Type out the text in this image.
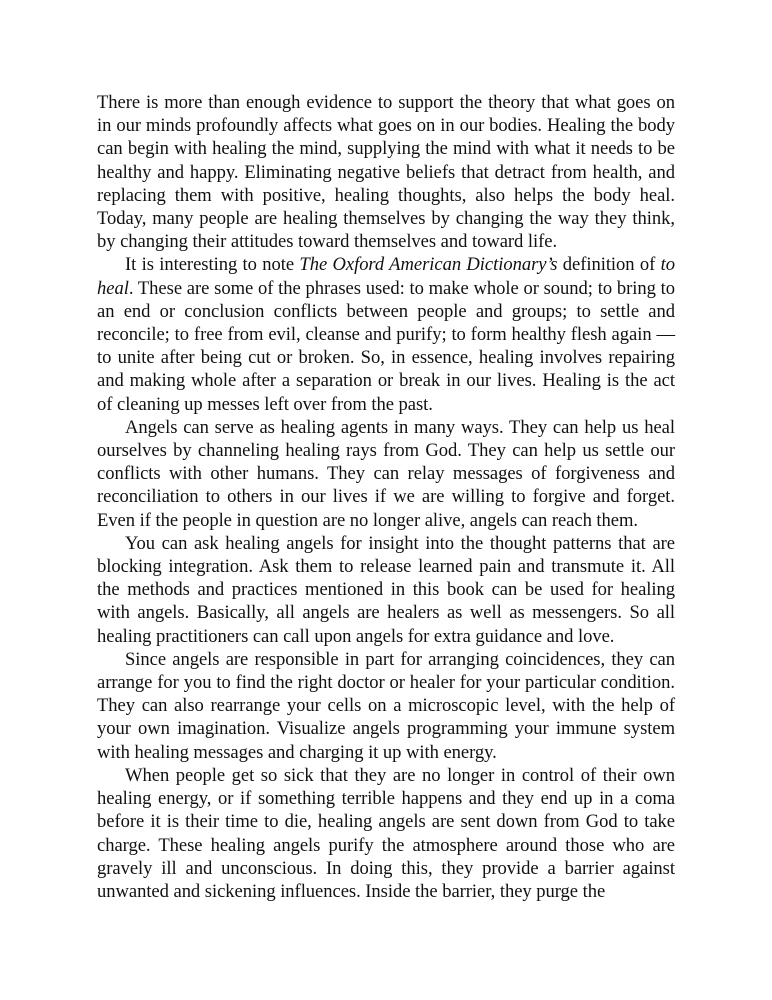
There is more than enough evidence to support the theory that what goes on in our minds profoundly affects what goes on in our bodies. Healing the body can begin with healing the mind, supplying the mind with what it needs to be healthy and happy. Eliminating negative beliefs that detract from health, and replacing them with positive, healing thoughts, also helps the body heal. Today, many people are healing themselves by changing the way they think, by changing their attitudes toward themselves and toward life.

It is interesting to note The Oxford American Dictionary’s definition of to heal. These are some of the phrases used: to make whole or sound; to bring to an end or conclusion conflicts between people and groups; to settle and reconcile; to free from evil, cleanse and purify; to form healthy flesh again — to unite after being cut or broken. So, in essence, healing involves repairing and making whole after a separation or break in our lives. Healing is the act of cleaning up messes left over from the past.

Angels can serve as healing agents in many ways. They can help us heal ourselves by channeling healing rays from God. They can help us settle our conflicts with other humans. They can relay messages of forgiveness and reconciliation to others in our lives if we are willing to forgive and forget. Even if the people in question are no longer alive, angels can reach them.

You can ask healing angels for insight into the thought patterns that are blocking integration. Ask them to release learned pain and transmute it. All the methods and practices mentioned in this book can be used for healing with angels. Basically, all angels are healers as well as messengers. So all healing practitioners can call upon angels for extra guidance and love.

Since angels are responsible in part for arranging coincidences, they can arrange for you to find the right doctor or healer for your particular condition. They can also rearrange your cells on a microscopic level, with the help of your own imagination. Visualize angels programming your immune system with healing messages and charging it up with energy.

When people get so sick that they are no longer in control of their own healing energy, or if something terrible happens and they end up in a coma before it is their time to die, healing angels are sent down from God to take charge. These healing angels purify the atmosphere around those who are gravely ill and unconscious. In doing this, they provide a barrier against unwanted and sickening influences. Inside the barrier, they purge the
